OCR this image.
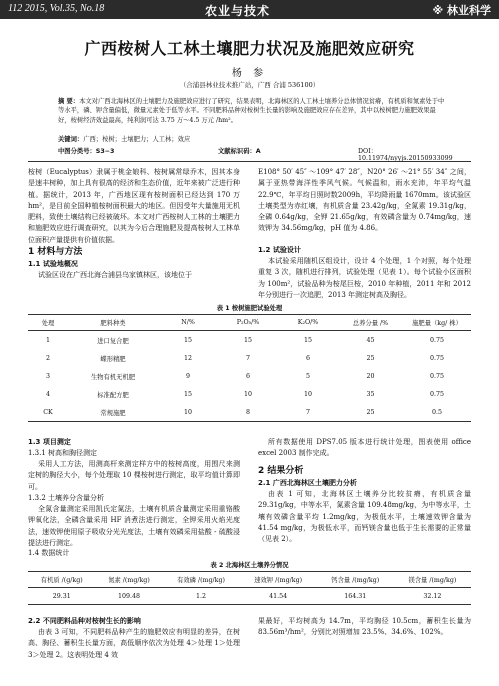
112 2015, Vol.35, No.18	农业与技术	※ 林业科学
广西桉树人工林土壤肥力状况及施肥效应研究
杨 参
（合浦县林业技术推广站，广西 合浦 536100）
摘 要：本文对广西北海林区的土壤肥力及施肥效应进行了研究，结果表明，北海林区的人工林土壤养分总体情况贫瘠，有机质和氮素处于中等水平，磷、钾含量偏低，微量元素处于低等水平。不同肥料品种对桉树生长量的影响及施肥效应存在差异，其中以桉树肥力施肥效果最好，桉树经济效益最高，纯利润可达 3.75 万～4.5 万元 /hm²。
关键词：广西；桉树；土壤肥力；人工林；效应
中图分类号：S3−3	文献标识码：A	DOI：10.11974/nyyjs.20150933099
桉树（Eucalyptus）隶属于桃金娘科、桉树属常绿乔木，因其本身是速丰树种，加上具有很高的经济和生态价值，近年来被广泛进行种植。据统计，2013 年，广西地区现有桉树面积已经达到 170 万 hm²，是目前全国种植桉树面积最大的地区。但因受年大量施用无机肥料，致使土壤结构已经被破坏。本文对广西桉树人工林的土壤肥力和施肥效应进行调查研究，以其为今后合理施肥及提高桉树人工林单位面积产量提供有价值依据。
1 材料与方法
1.1 试验地概况
试验区设在广西北海合浦县乌家镇林区，该地位于
E108° 50′ 45″ ～109° 47′ 28″，N20° 26′ ～21° 55′ 34″ 之间，属于亚热带海洋性季风气候。气候温和，雨水充沛，年平均气温 22.9℃，年平均日照时数2009h，平均降雨量 1670mm。该试验区土壤类型为赤红壤，有机质含量 23.42g/kg，全氮素 19.31g/kg，全磷 0.64g/kg，全钾 21.65g/kg，有效磷含量为 0.74mg/kg，速效钾为 34.56mg/kg，pH 值为 4.86。
1.2 试验设计
本试验采用随机区组设计，设计 4 个处理，1 个对照，每个处理重复 3 次，随机进行排列，试验处理（见表 1）。每个试验小区面积为 100m²，试验品种为桉尾巨桉，2010 年种植，2011 年和 2012 年分别进行一次追肥，2013 年测定树高及胸径。
表 1 桉树施肥试验处理
处理	肥料种类	N/%	P₂O₅/%	K₂O/%	总养分量 /%	施肥量（kg/ 株）
1	进口复合肥	15	15	15	45	0.75
2	蝶形精肥	12	7	6	25	0.75
3	生物有机无机肥	9	6	5	20	0.75
4	标准配方肥	15	10	10	35	0.75
CK	常规施肥	10	8	7	25	0.5
1.3 项目测定
1.3.1 树高和胸径测定
采用人工方法，用测高杆来测定样方中的桉树高度，用围尺来测定树的胸径大小，每个处理取 10 棵桉树进行测定，取平均值计算即可。
1.3.2 土壤养分含量分析
全氮含量测定采用凯氏定氮法，土壤有机质含量测定采用重铬酸钾氧化法，全磷含量采用 HF 消煮法进行测定，全钾采用火焰光度法，速效钾使用原子吸收分光光度法，土壤有效磷采用盐酸 - 硫酸浸提法进行测定。
1.4 数据统计
所有数据使用 DPS7.05 版本进行统计处理，图表使用 office excel 2003 制作完成。
2 结果分析
2.1 广西北海林区土壤肥力分析
由表 1 可知，北海林区土壤养分比较贫瘠，有机质含量 29.31g/kg，中等水平，氮素含量 109.48mg/kg，为中等水平，土壤有效磷含量平均 1.2mg/kg，为极低水平，土壤速效钾含量为 41.54 mg/kg，为极低水平，而钙镁含量也低于生长需要的正常量（见表 2）。
表 2 北海林区土壤养分情况
有机质 /(g/kg)	氮素 /(mg/kg)	有效磷 /(mg/kg)	速效钾 /(mg/kg)	钙含量 /(mg/kg)	镁含量 /(mg/kg)
29.31	109.48	1.2	41.54	164.31	32.12
2.2 不同肥料品种对桉树生长的影响
由表 3 可知，不同肥料品种产生的施肥效应有明显的差异，在树高、胸径、蓄积生长量方面，高低顺序依次为处理 4＞处理 1＞处理 3＞处理 2。这表明处理 4 效
果最好，平均树高为 14.7m，平均胸径 10.5cm，蓄积生长量为 83.56m³/hm²，分别比对照增加 23.5%、34.6%、102%。
